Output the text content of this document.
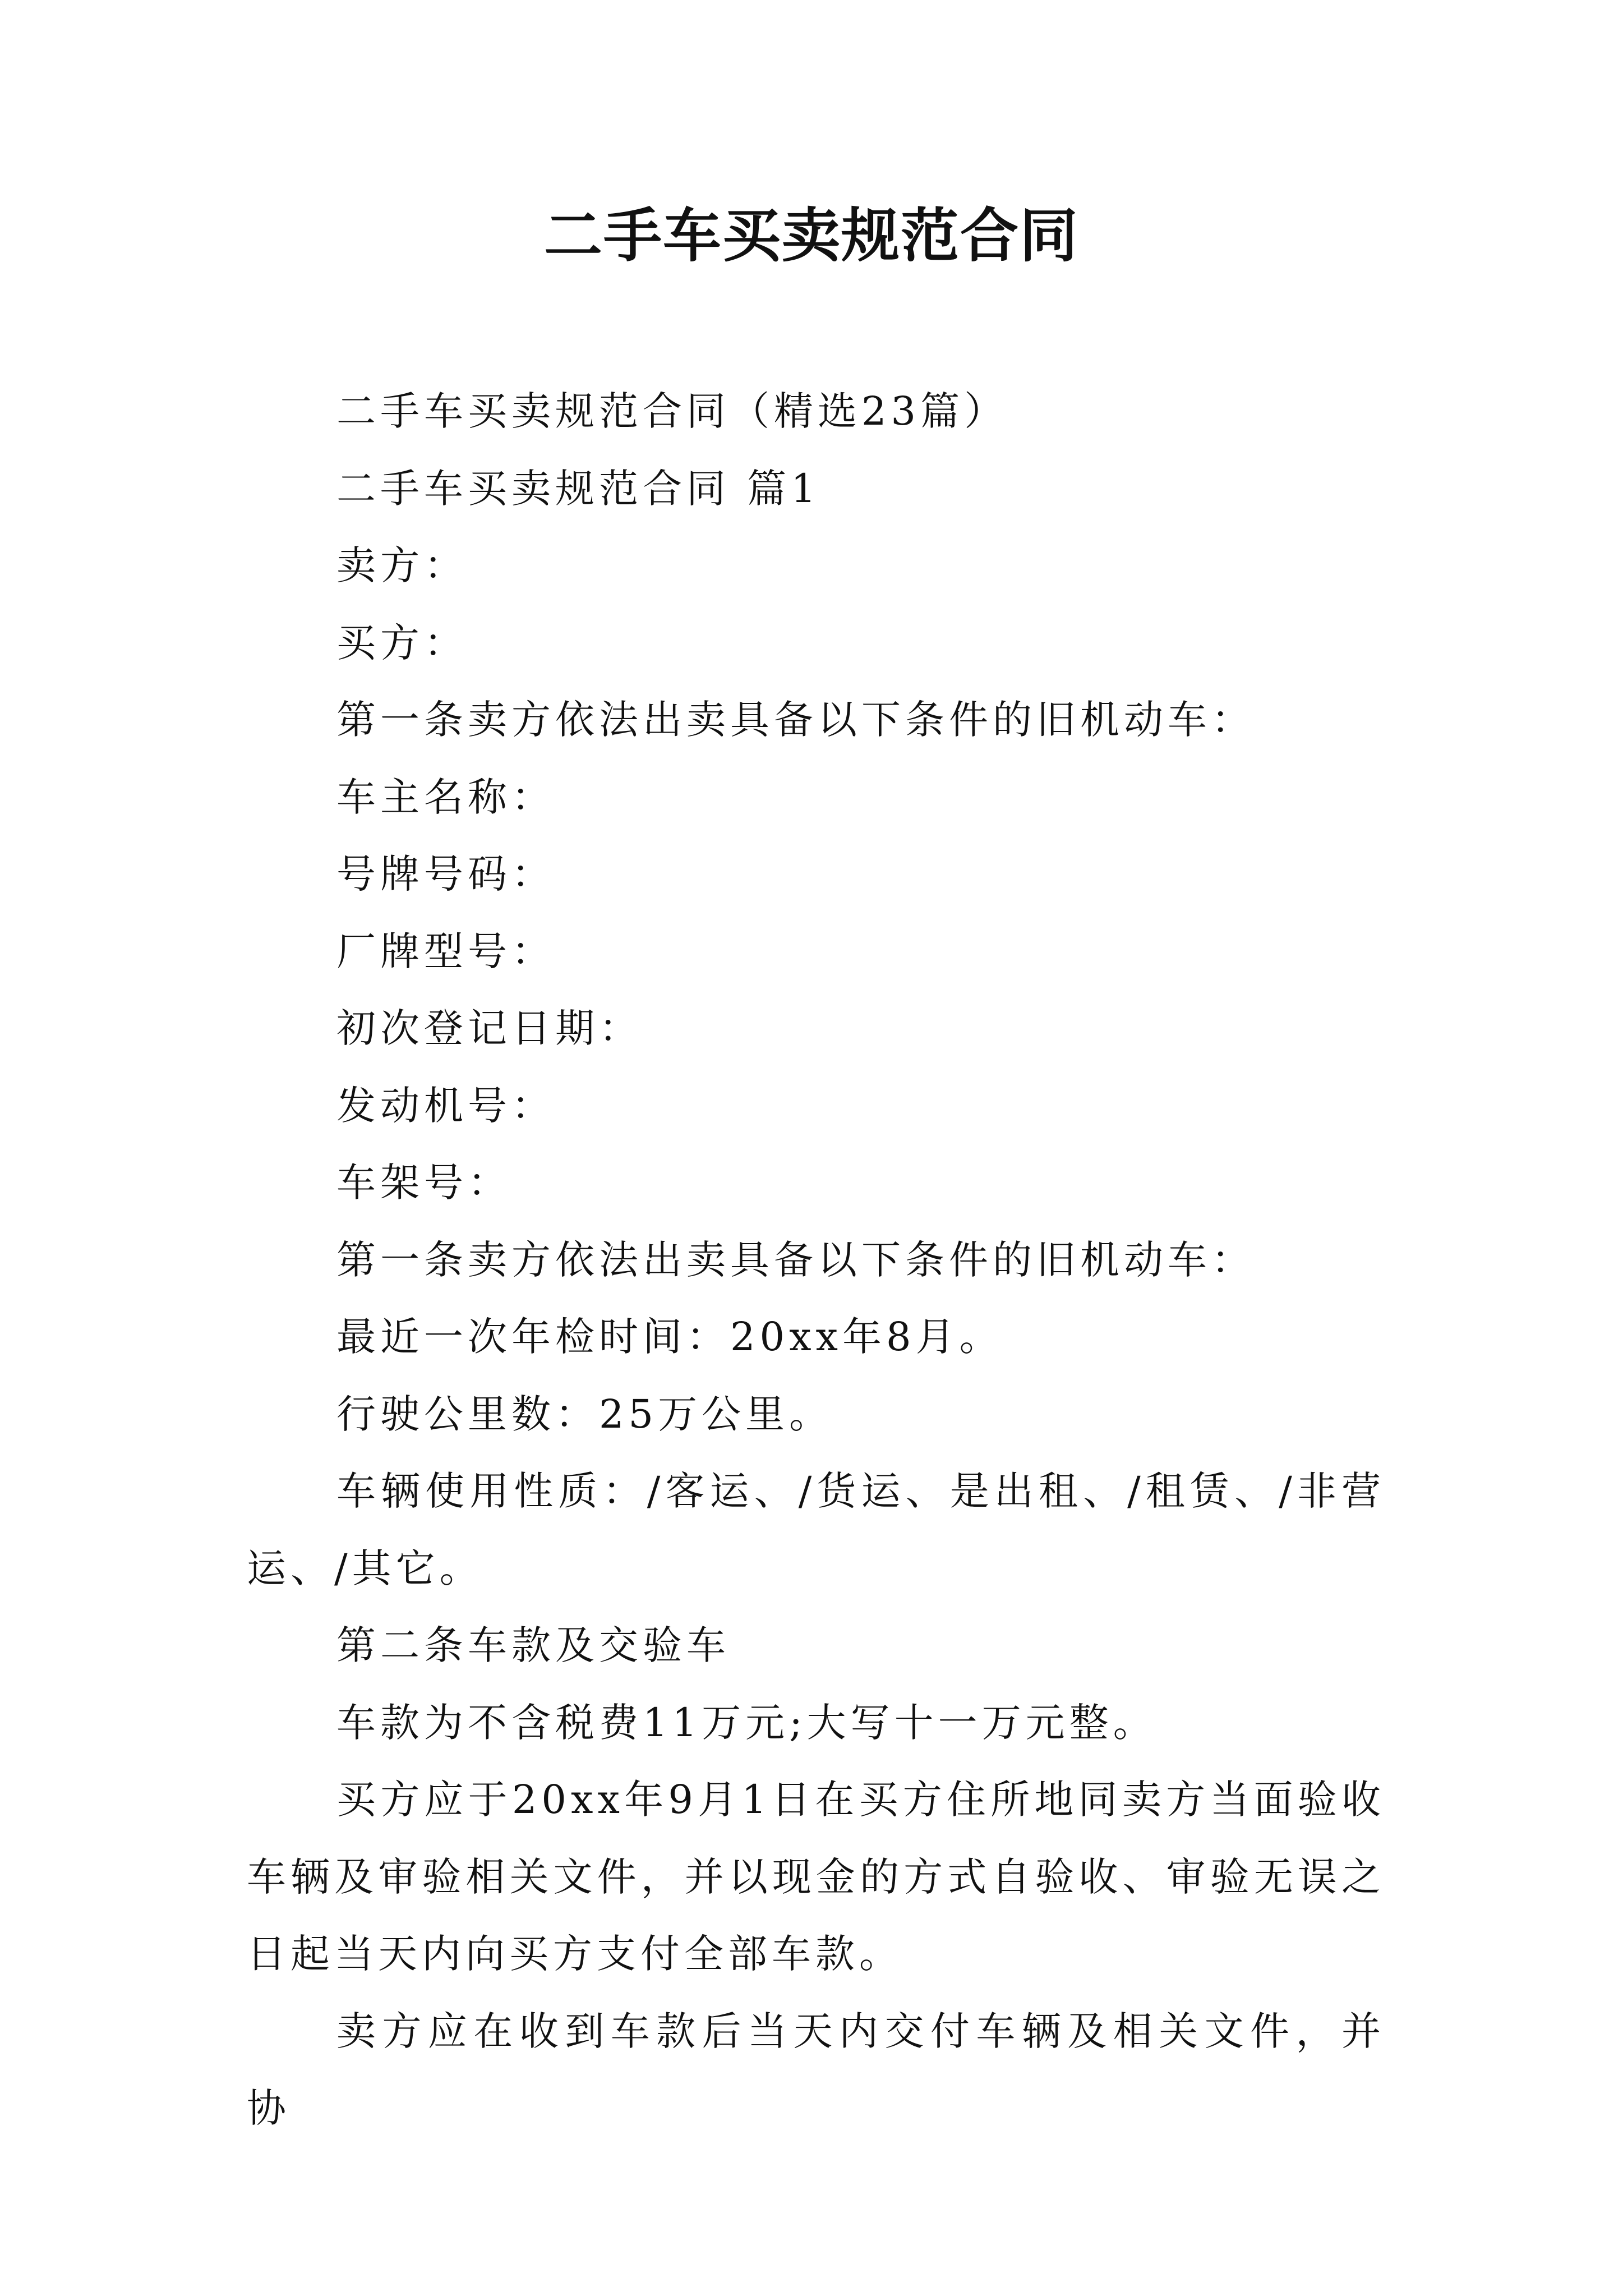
二手车买卖规范合同

二手车买卖规范合同（精选23篇）

二手车买卖规范合同 篇1

卖方：

买方：

第一条卖方依法出卖具备以下条件的旧机动车：

车主名称：

号牌号码：

厂牌型号：

初次登记日期：

发动机号：

车架号：

第一条卖方依法出卖具备以下条件的旧机动车：

最近一次年检时间：20xx年8月。

行驶公里数：25万公里。

车辆使用性质：/客运、/货运、是出租、/租赁、/非营运、/其它。

第二条车款及交验车

车款为不含税费11万元;大写十一万元整。

买方应于20xx年9月1日在买方住所地同卖方当面验收车辆及审验相关文件，并以现金的方式自验收、审验无误之日起当天内向买方支付全部车款。

卖方应在收到车款后当天内交付车辆及相关文件，并协
